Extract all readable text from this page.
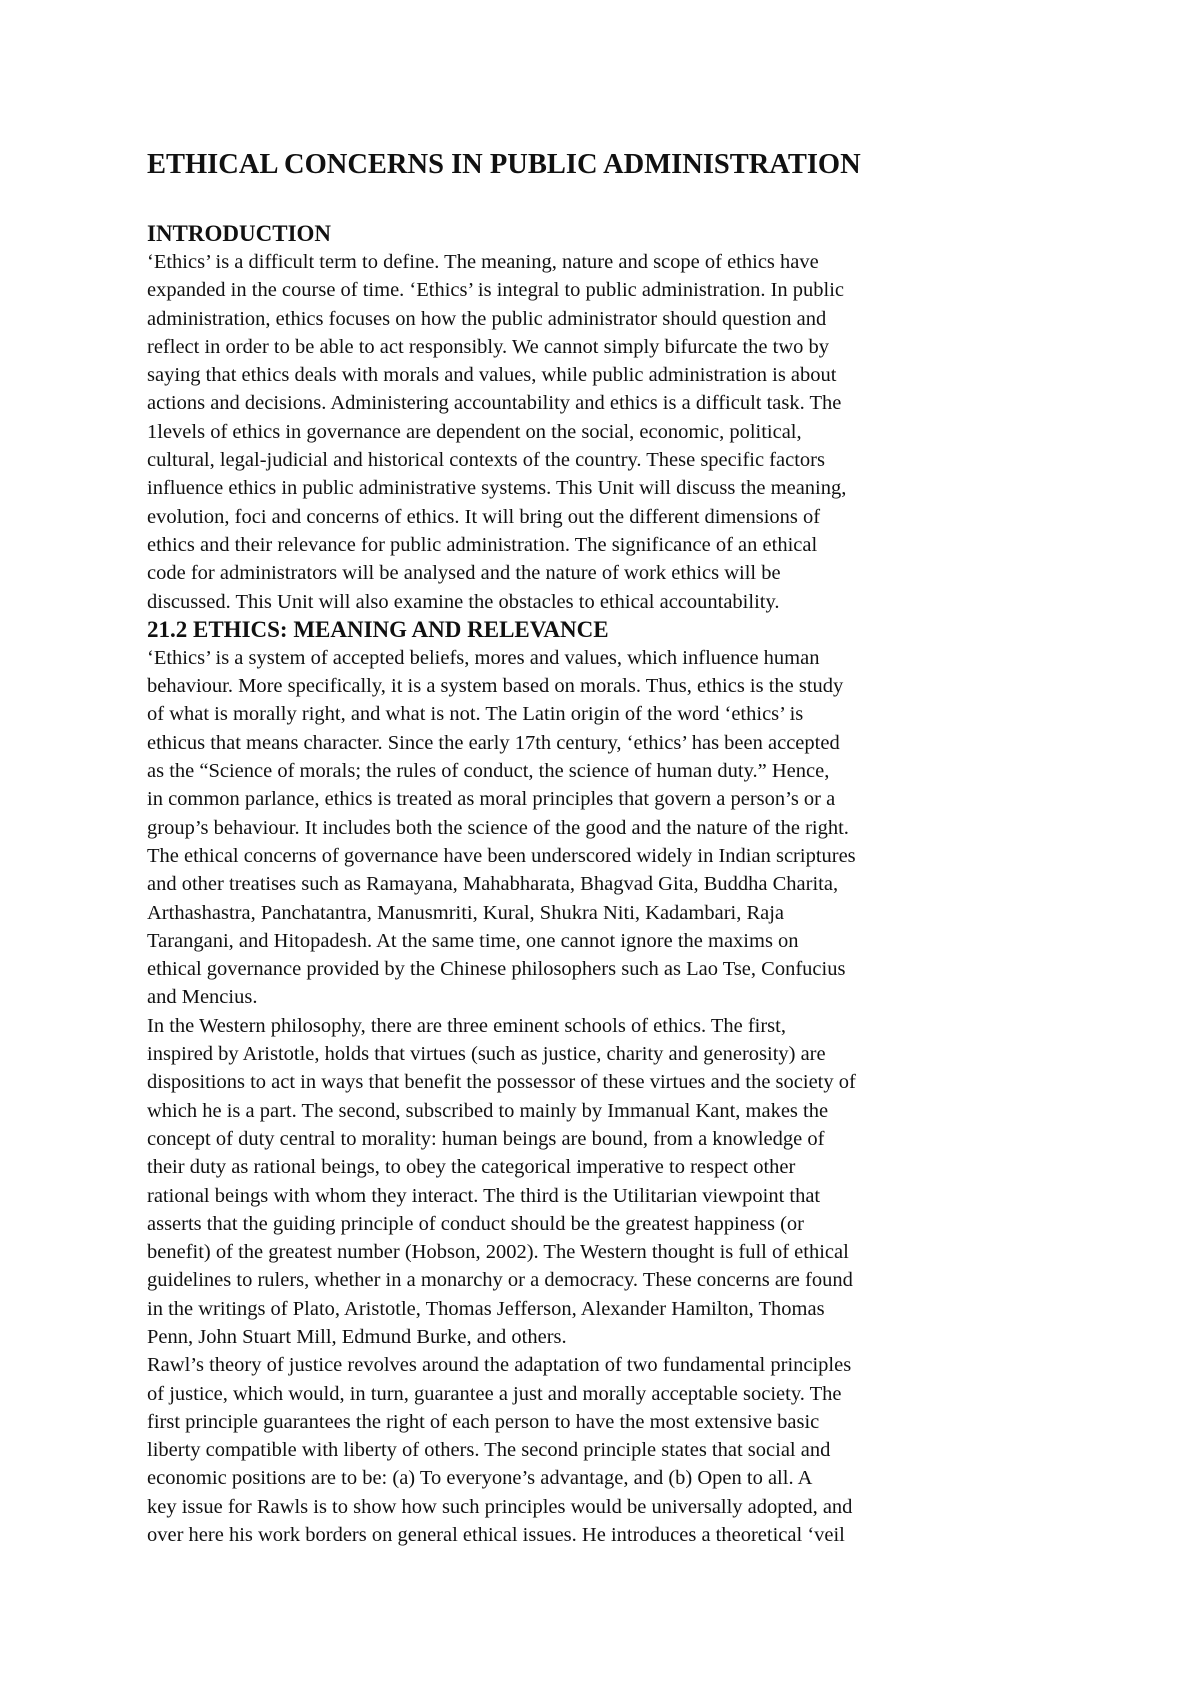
ETHICAL CONCERNS IN PUBLIC ADMINISTRATION
INTRODUCTION

‘Ethics’ is a difficult term to define. The meaning, nature and scope of ethics have

expanded in the course of time. ‘Ethics’ is integral to public administration. In public

administration, ethics focuses on how the public administrator should question and

reflect in order to be able to act responsibly. We cannot simply bifurcate the two by

saying that ethics deals with morals and values, while public administration is about

actions and decisions. Administering accountability and ethics is a difficult task. The

1levels of ethics in governance are dependent on the social, economic, political,

cultural, legal-judicial and historical contexts of the country. These specific factors

influence ethics in public administrative systems. This Unit will discuss the meaning,

evolution, foci and concerns of ethics. It will bring out the different dimensions of

ethics and their relevance for public administration. The significance of an ethical

code for administrators will be analysed and the nature of work ethics will be

discussed. This Unit will also examine the obstacles to ethical accountability.

21.2 ETHICS: MEANING AND RELEVANCE

‘Ethics’ is a system of accepted beliefs, mores and values, which influence human

behaviour. More specifically, it is a system based on morals. Thus, ethics is the study

of what is morally right, and what is not. The Latin origin of the word ‘ethics’ is

ethicus that means character. Since the early 17th century, ‘ethics’ has been accepted

as the “Science of morals; the rules of conduct, the science of human duty.” Hence,

in common parlance, ethics is treated as moral principles that govern a person’s or a

group’s behaviour. It includes both the science of the good and the nature of the right.

The ethical concerns of governance have been underscored widely in Indian scriptures

and other treatises such as Ramayana, Mahabharata, Bhagvad Gita, Buddha Charita,

Arthashastra, Panchatantra, Manusmriti, Kural, Shukra Niti, Kadambari, Raja

Tarangani, and Hitopadesh. At the same time, one cannot ignore the maxims on

ethical governance provided by the Chinese philosophers such as Lao Tse, Confucius

and Mencius.

In the Western philosophy, there are three eminent schools of ethics. The first,

inspired by Aristotle, holds that virtues (such as justice, charity and generosity) are

dispositions to act in ways that benefit the possessor of these virtues and the society of

which he is a part. The second, subscribed to mainly by Immanual Kant, makes the

concept of duty central to morality: human beings are bound, from a knowledge of

their duty as rational beings, to obey the categorical imperative to respect other

rational beings with whom they interact. The third is the Utilitarian viewpoint that

asserts that the guiding principle of conduct should be the greatest happiness (or

benefit) of the greatest number (Hobson, 2002). The Western thought is full of ethical

guidelines to rulers, whether in a monarchy or a democracy. These concerns are found

in the writings of Plato, Aristotle, Thomas Jefferson, Alexander Hamilton, Thomas

Penn, John Stuart Mill, Edmund Burke, and others.

Rawl’s theory of justice revolves around the adaptation of two fundamental principles

of justice, which would, in turn, guarantee a just and morally acceptable society. The

first principle guarantees the right of each person to have the most extensive basic

liberty compatible with liberty of others. The second principle states that social and

economic positions are to be: (a) To everyone’s advantage, and (b) Open to all. A

key issue for Rawls is to show how such principles would be universally adopted, and

over here his work borders on general ethical issues. He introduces a theoretical ‘veil
